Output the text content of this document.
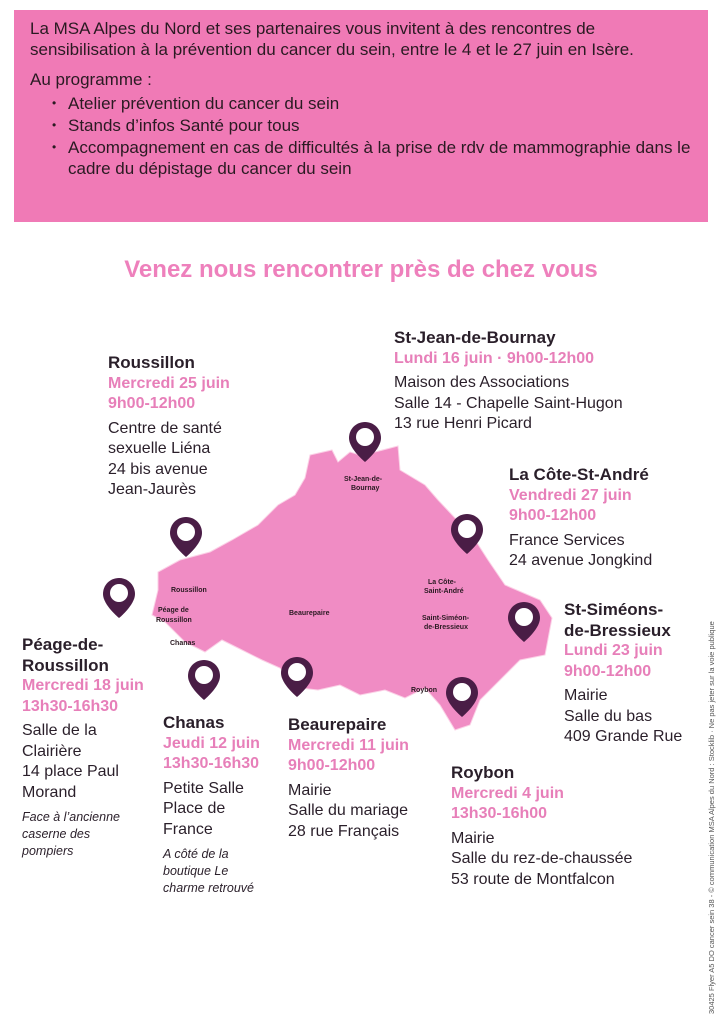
La MSA Alpes du Nord et ses partenaires vous invitent à des rencontres de sensibilisation à la prévention du cancer du sein, entre le 4 et le 27 juin en Isère.

Au programme :

• Atelier prévention du cancer du sein
• Stands d’infos Santé pour tous
• Accompagnement en cas de difficultés à la prise de rdv de mammographie dans le cadre du dépistage du cancer du sein
Venez nous rencontrer près de chez vous
St-Jean-de-
Bournay
Roussillon
Péage de
Roussillon
Chanas
Beaurepaire
La Côte-
Saint-André
Saint-Siméon-
de-Bressieux
Roybon
St-Jean-de-Bournay
Lundi 16 juin · 9h00-12h00
Maison des Associations
Salle 14 - Chapelle Saint-Hugon
13 rue Henri Picard
Roussillon
Mercredi 25 juin
9h00-12h00
Centre de santé
sexuelle Liéna
24 bis avenue
Jean-Jaurès
La Côte-St-André
Vendredi 27 juin
9h00-12h00
France Services
24 avenue Jongkind
St-Siméons-
de-Bressieux
Lundi 23 juin
9h00-12h00
Mairie
Salle du bas
409 Grande Rue
Péage-de-
Roussillon
Mercredi 18 juin
13h30-16h30
Salle de la
Clairière
14 place Paul
Morand
Face à l’ancienne
caserne des
pompiers
Chanas
Jeudi 12 juin
13h30-16h30
Petite Salle
Place de
France
A côté de la
boutique Le
charme retrouvé
Beaurepaire
Mercredi 11 juin
9h00-12h00
Mairie
Salle du mariage
28 rue Français
Roybon
Mercredi 4 juin
13h30-16h00
Mairie
Salle du rez-de-chaussée
53 route de Montfalcon	30425 Flyer A5 DO cancer sein 38 - © communication MSA Alpes du Nord : Stocklib · Ne pas jeter sur la voie publique
